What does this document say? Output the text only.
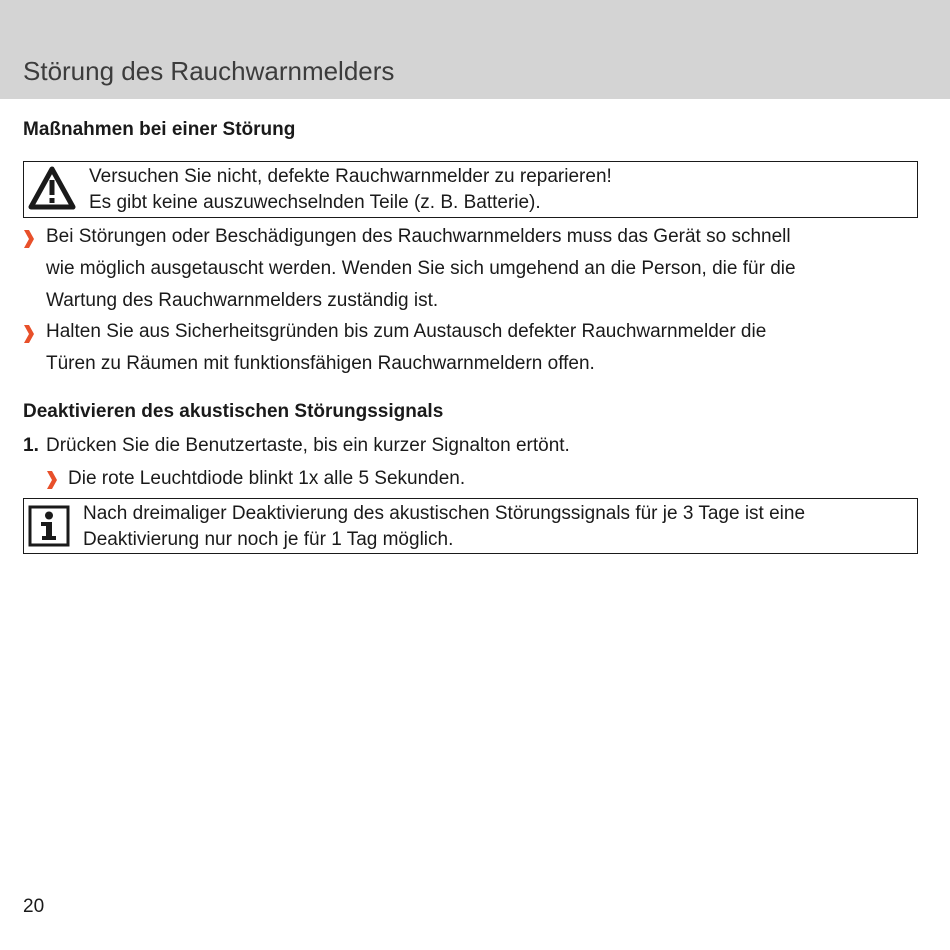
Störung des Rauchwarnmelders
Maßnahmen bei einer Störung
Versuchen Sie nicht, defekte Rauchwarnmelder zu reparieren!
Es gibt keine auszuwechselnden Teile (z. B. Batterie).
Bei Störungen oder Beschädigungen des Rauchwarnmelders muss das Gerät so schnell
wie möglich ausgetauscht werden. Wenden Sie sich umgehend an die Person, die für die
Wartung des Rauchwarnmelders zuständig ist.
Halten Sie aus Sicherheitsgründen bis zum Austausch defekter Rauchwarnmelder die
Türen zu Räumen mit funktionsfähigen Rauchwarnmeldern offen.
Deaktivieren des akustischen Störungssignals
1. Drücken Sie die Benutzertaste, bis ein kurzer Signalton ertönt.
Die rote Leuchtdiode blinkt 1x alle 5 Sekunden.
Nach dreimaliger Deaktivierung des akustischen Störungssignals für je 3 Tage ist eine
Deaktivierung nur noch je für 1 Tag möglich.
20
